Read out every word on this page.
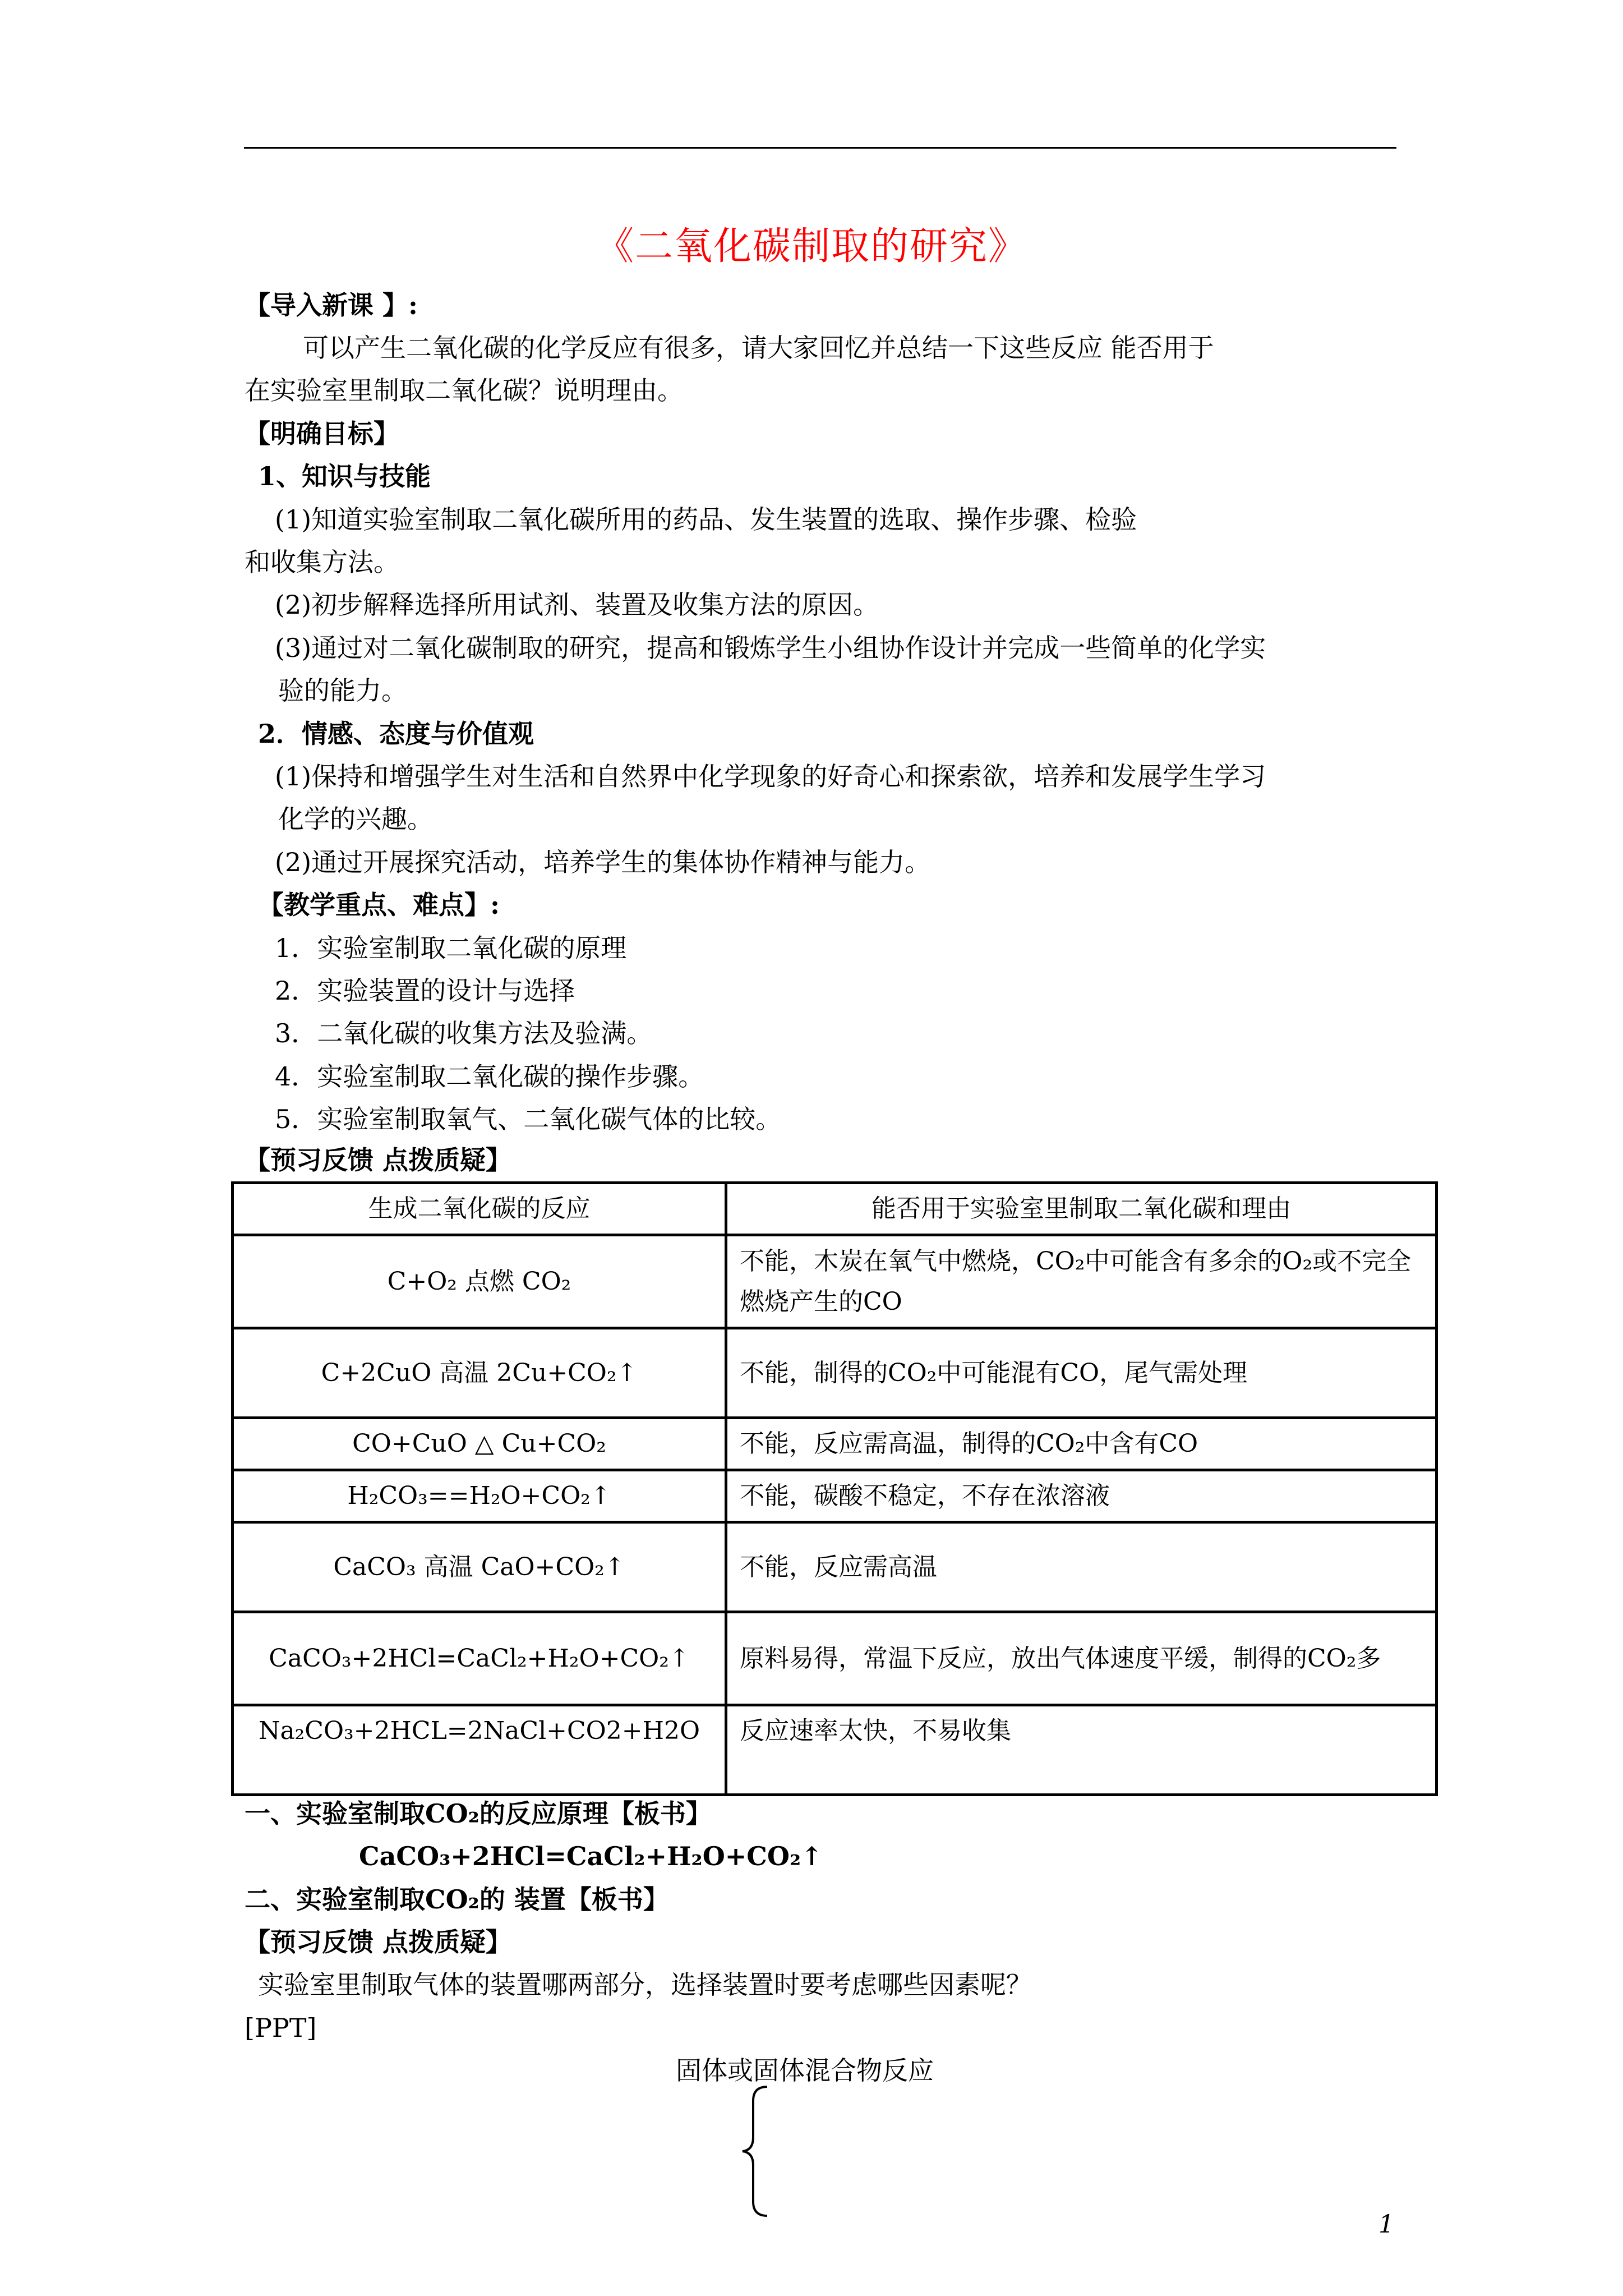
《二氧化碳制取的研究》
【导入新课 】:
可以产生二氧化碳的化学反应有很多，请大家回忆并总结一下这些反应 能否用于
在实验室里制取二氧化碳？说明理由。
【明确目标】
1、知识与技能
(1)知道实验室制取二氧化碳所用的药品、发生装置的选取、操作步骤、检验
和收集方法。
(2)初步解释选择所用试剂、装置及收集方法的原因。
(3)通过对二氧化碳制取的研究，提高和锻炼学生小组协作设计并完成一些简单的化学实
验的能力。
2．情感、态度与价值观
(1)保持和增强学生对生活和自然界中化学现象的好奇心和探索欲，培养和发展学生学习
化学的兴趣。
(2)通过开展探究活动，培养学生的集体协作精神与能力。
【教学重点、难点】:
1．实验室制取二氧化碳的原理
2．实验装置的设计与选择
3．二氧化碳的收集方法及验满。
4．实验室制取二氧化碳的操作步骤。
5．实验室制取氧气、二氧化碳气体的比较。
【预习反馈 点拨质疑】
生成二氧化碳的反应	能否用于实验室里制取二氧化碳和理由
C+O₂ 点燃 CO₂	不能，木炭在氧气中燃烧，CO₂中可能含有多余的O₂或不完全燃烧产生的CO
C+2CuO 高温 2Cu+CO₂↑	不能，制得的CO₂中可能混有CO，尾气需处理
CO+CuO △ Cu+CO₂	不能，反应需高温，制得的CO₂中含有CO
H₂CO₃==H₂O+CO₂↑	不能，碳酸不稳定，不存在浓溶液
CaCO₃ 高温 CaO+CO₂↑	不能，反应需高温
CaCO₃+2HCl=CaCl₂+H₂O+CO₂↑	原料易得，常温下反应，放出气体速度平缓，制得的CO₂多
Na₂CO₃+2HCL=2NaCl+CO2+H2O	反应速率太快，不易收集
一、实验室制取CO₂的反应原理【板书】
CaCO₃+2HCl=CaCl₂+H₂O+CO₂↑
二、实验室制取CO₂的 装置【板书】
【预习反馈 点拨质疑】
实验室里制取气体的装置哪两部分，选择装置时要考虑哪些因素呢？
[PPT]
固体或固体混合物反应
1
